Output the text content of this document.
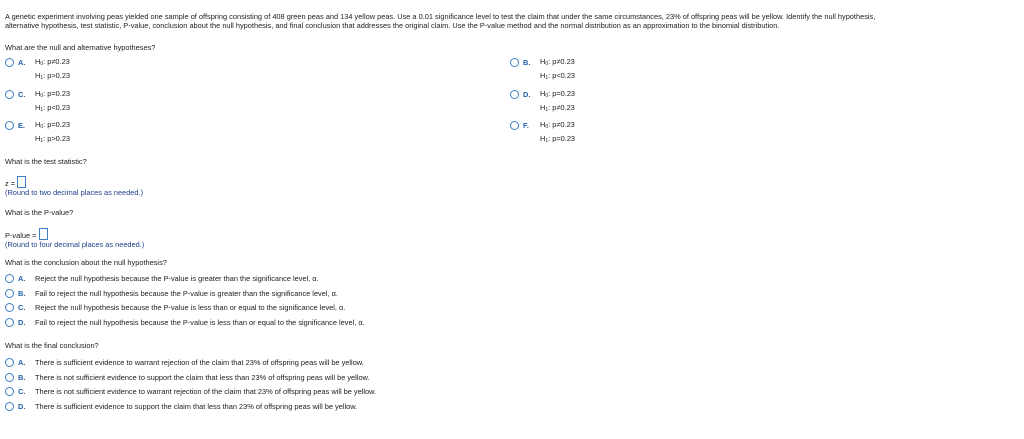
A genetic experiment involving peas yielded one sample of offspring consisting of 408 green peas and 134 yellow peas. Use a 0.01 significance level to test the claim that under the same circumstances, 23% of offspring peas will be yellow. Identify the null hypothesis,
alternative hypothesis, test statistic, P-value, conclusion about the null hypothesis, and final conclusion that addresses the original claim. Use the P-value method and the normal distribution as an approximation to the binomial distribution.
What are the null and alternative hypotheses?
A. $H_0$: p≠0.23
$H_1$: p>0.23
B. $H_0$: p≠0.23
$H_1$: p<0.23
C. $H_0$: p=0.23
$H_1$: p<0.23
D. $H_0$: p=0.23
$H_1$: p≠0.23
E. $H_0$: p=0.23
$H_1$: p>0.23
F. $H_0$: p≠0.23
$H_1$: p=0.23
What is the test statistic?
z =
(Round to two decimal places as needed.)
What is the P-value?
P-value =
(Round to four decimal places as needed.)
What is the conclusion about the null hypothesis?
A. Reject the null hypothesis because the P-value is greater than the significance level, α.
B. Fail to reject the null hypothesis because the P-value is greater than the significance level, α.
C. Reject the null hypothesis because the P-value is less than or equal to the significance level, α.
D. Fail to reject the null hypothesis because the P-value is less than or equal to the significance level, α.
What is the final conclusion?
A. There is sufficient evidence to warrant rejection of the claim that 23% of offspring peas will be yellow.
B. There is not sufficient evidence to support the claim that less than 23% of offspring peas will be yellow.
C. There is not sufficient evidence to warrant rejection of the claim that 23% of offspring peas will be yellow.
D. There is sufficient evidence to support the claim that less than 23% of offspring peas will be yellow.
